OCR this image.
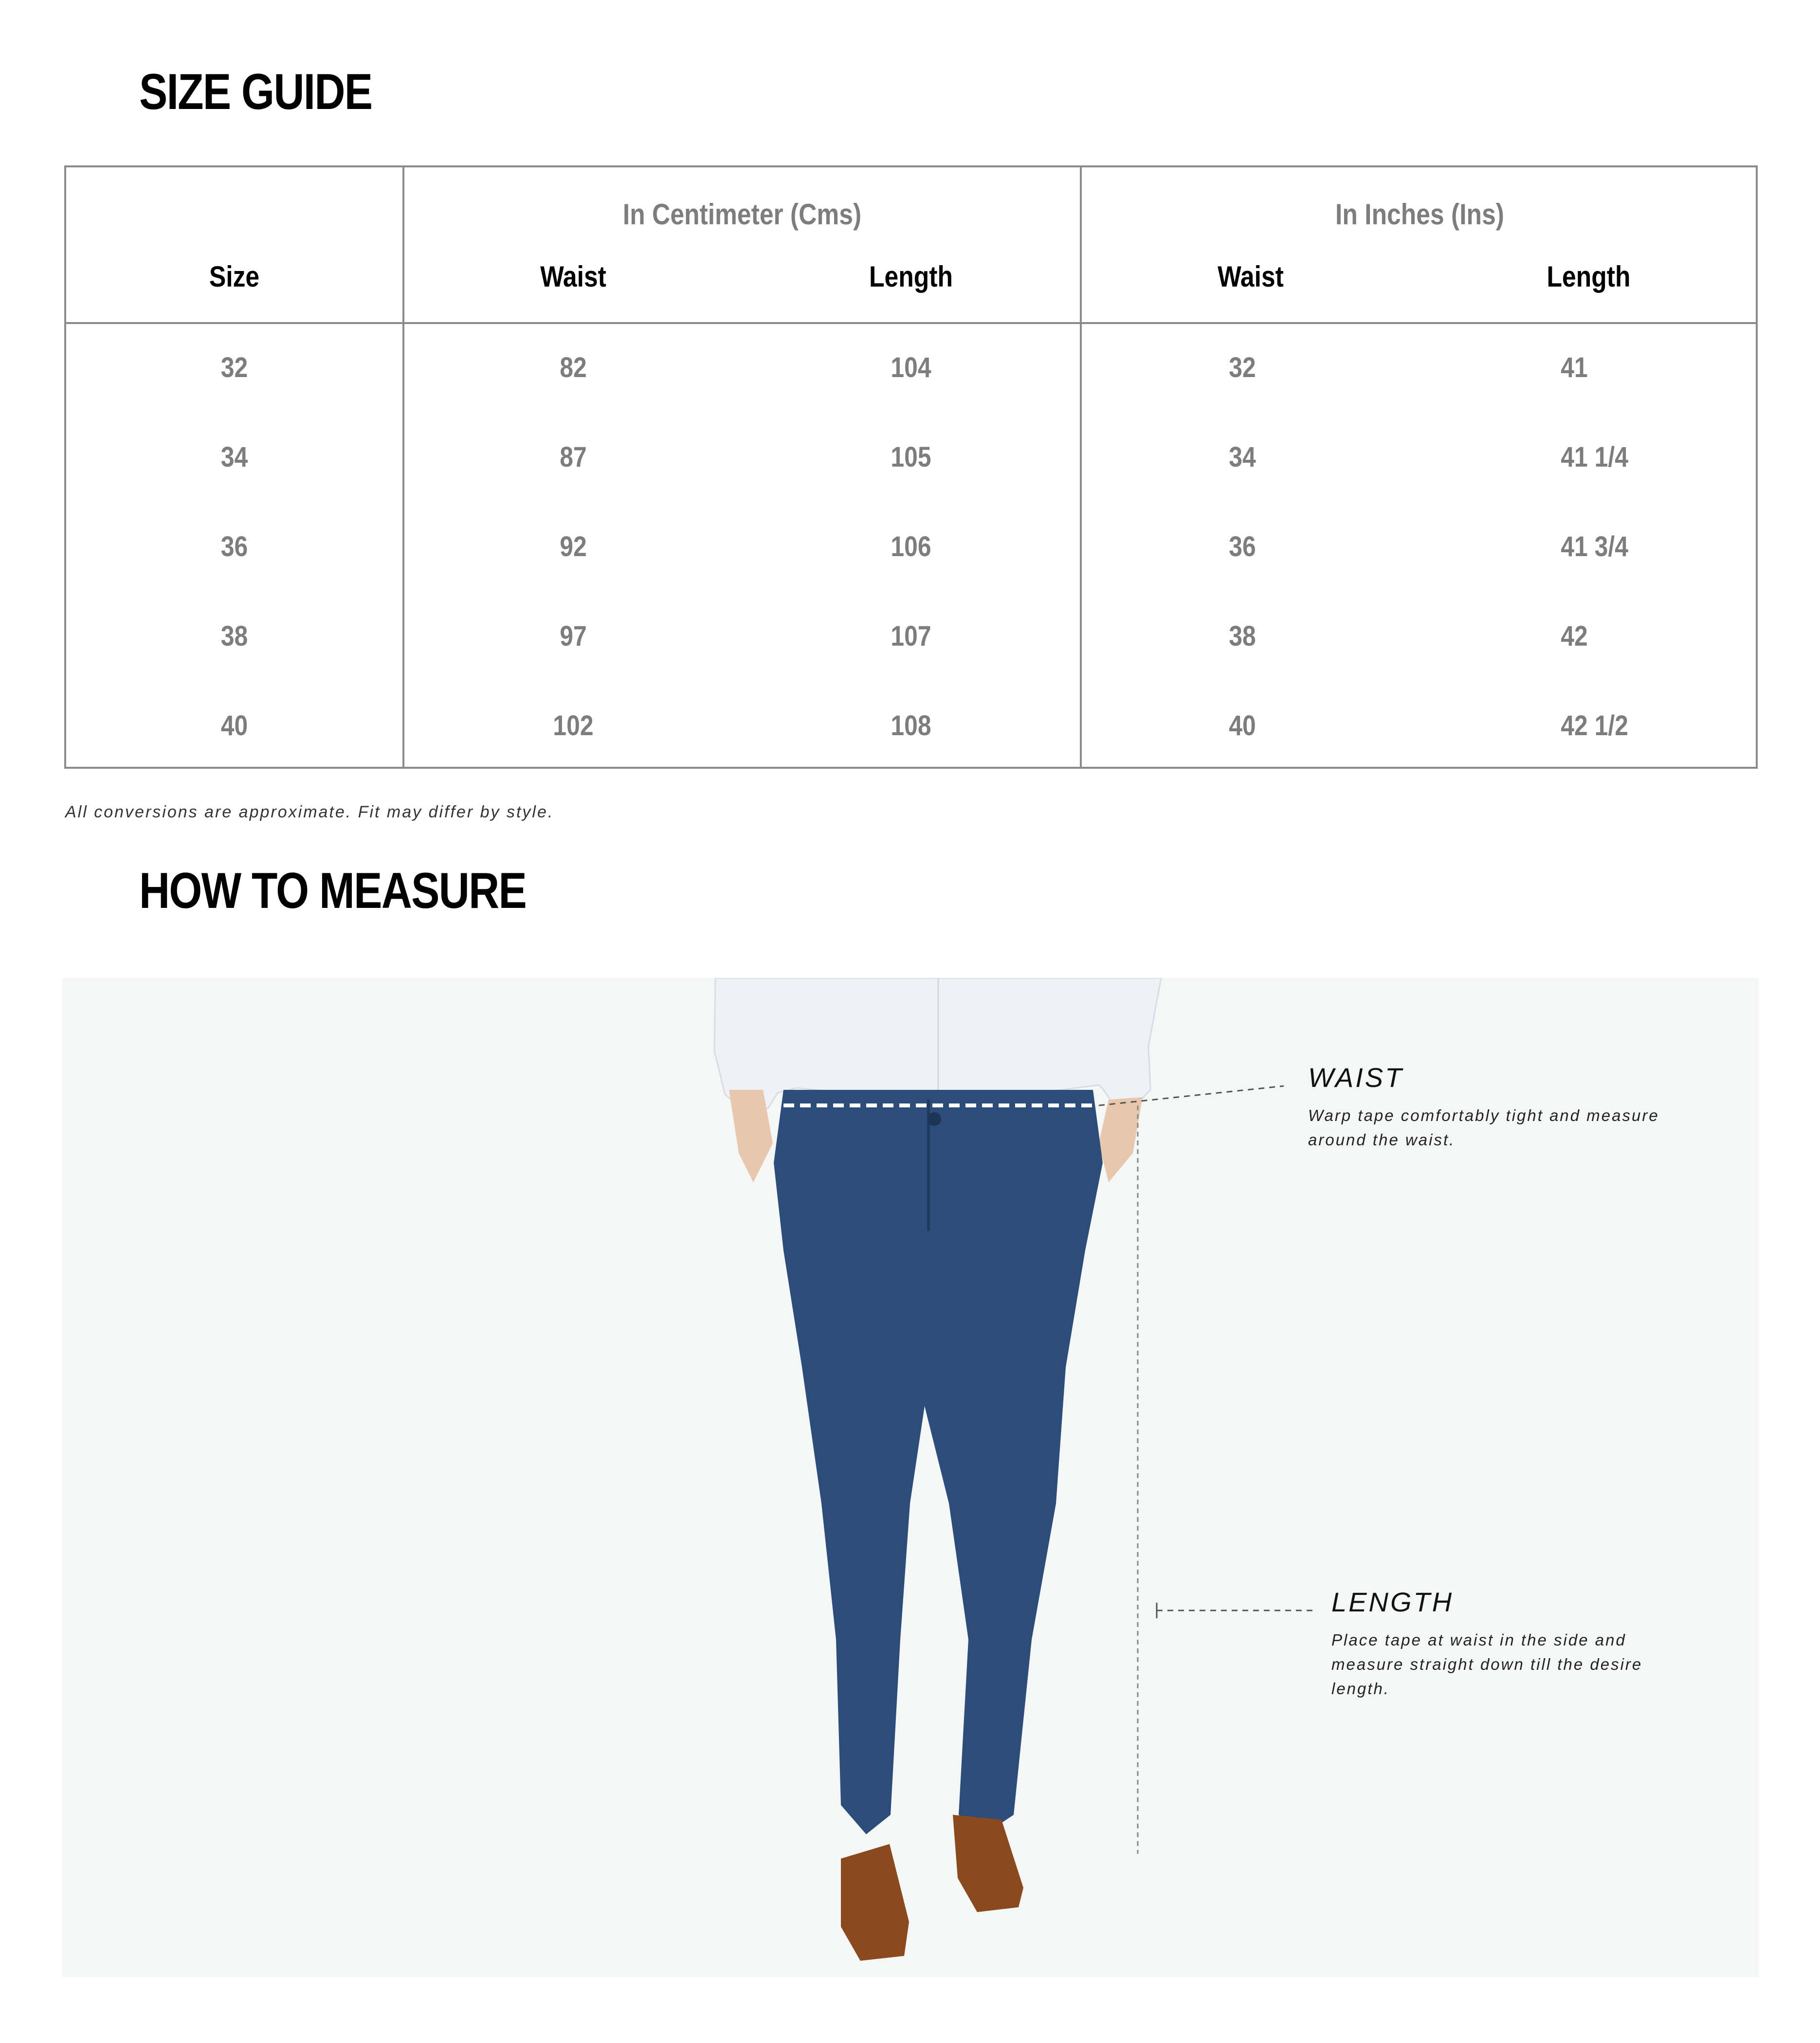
SIZE GUIDE
In Centimeter (Cms)	In Inches (Ins)
Size	Waist	Length	Waist	Length
32	82	104	32	41
34	87	105	34	41 1/4
36	92	106	36	41 3/4
38	97	107	38	42
40	102	108	40	42 1/2
All conversions are approximate. Fit may differ by style.
HOW TO MEASURE
WAIST
Warp tape comfortably tight and measure around the waist.
LENGTH
Place tape at waist in the side and measure straight down till the desire length.
